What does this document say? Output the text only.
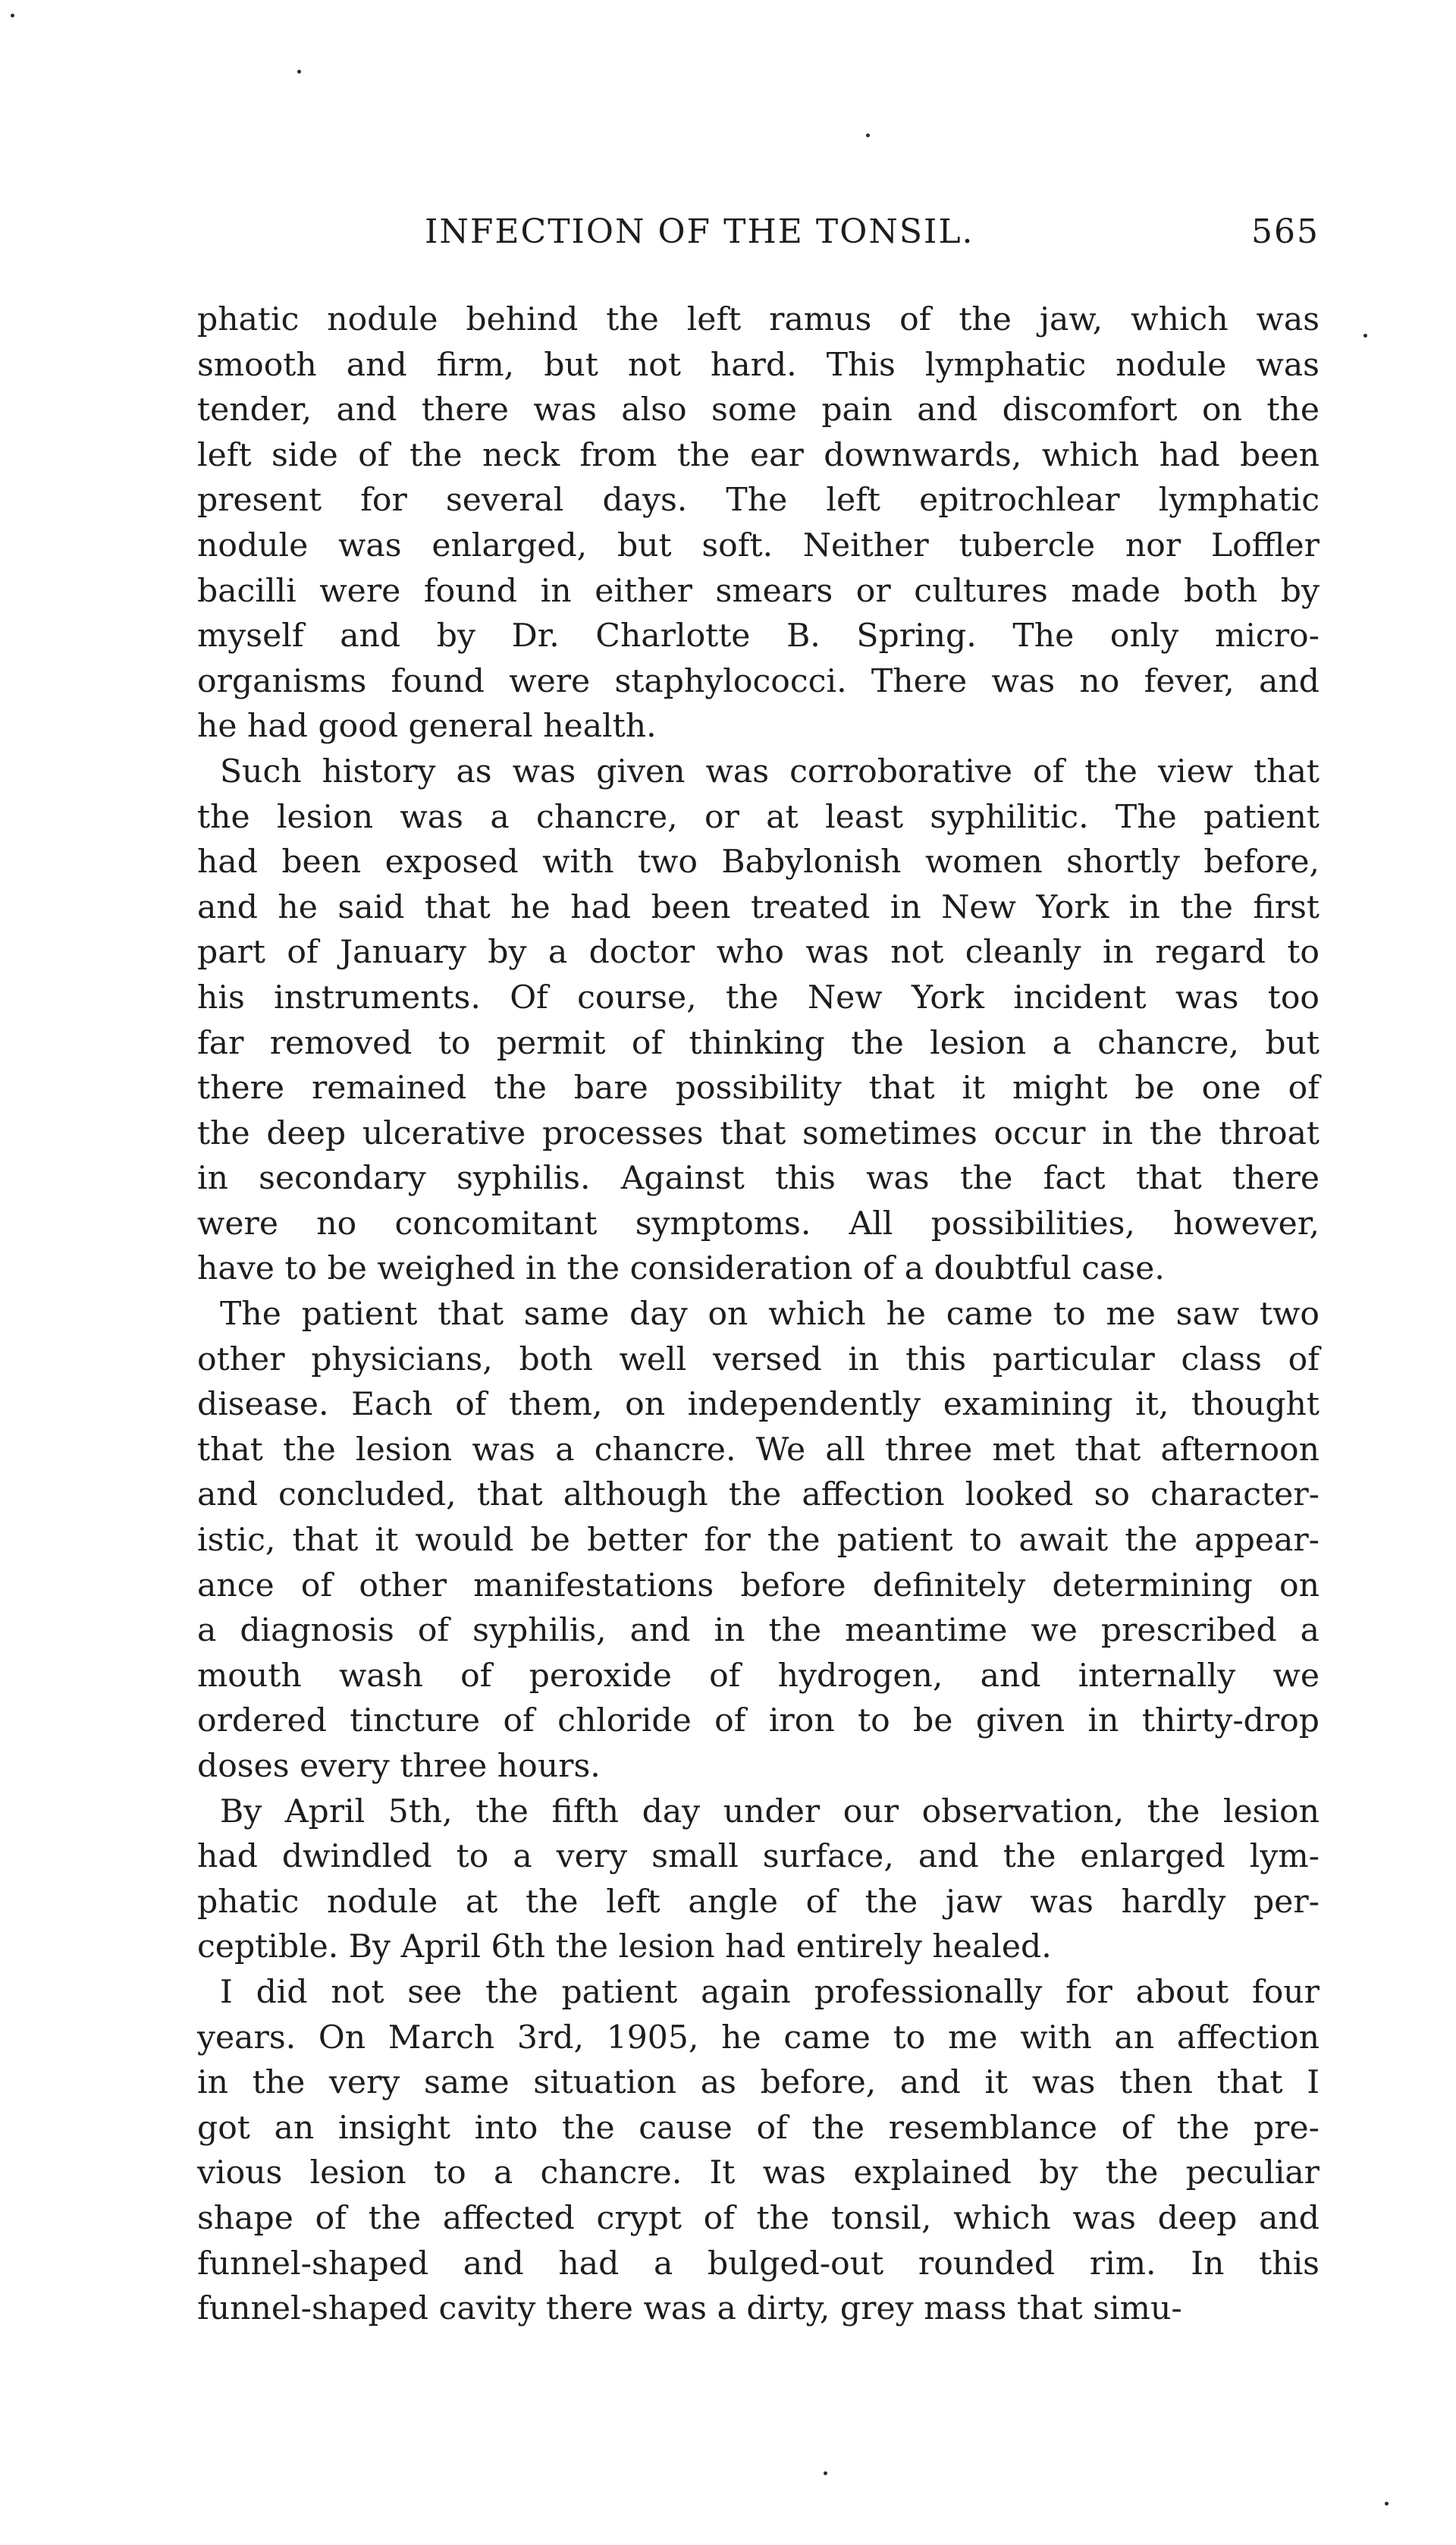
INFECTION OF THE TONSIL.	565

phatic nodule behind the left ramus of the jaw, which was
smooth and firm, but not hard. This lymphatic nodule was
tender, and there was also some pain and discomfort on the
left side of the neck from the ear downwards, which had been
present for several days. The left epitrochlear lymphatic
nodule was enlarged, but soft. Neither tubercle nor Loffler
bacilli were found in either smears or cultures made both by
myself and by Dr. Charlotte B. Spring. The only micro-
organisms found were staphylococci. There was no fever, and
he had good general health.

Such history as was given was corroborative of the view that
the lesion was a chancre, or at least syphilitic. The patient
had been exposed with two Babylonish women shortly before,
and he said that he had been treated in New York in the first
part of January by a doctor who was not cleanly in regard to
his instruments. Of course, the New York incident was too
far removed to permit of thinking the lesion a chancre, but
there remained the bare possibility that it might be one of
the deep ulcerative processes that sometimes occur in the throat
in secondary syphilis. Against this was the fact that there
were no concomitant symptoms. All possibilities, however,
have to be weighed in the consideration of a doubtful case.

The patient that same day on which he came to me saw two
other physicians, both well versed in this particular class of
disease. Each of them, on independently examining it, thought
that the lesion was a chancre. We all three met that afternoon
and concluded, that although the affection looked so character-
istic, that it would be better for the patient to await the appear-
ance of other manifestations before definitely determining on
a diagnosis of syphilis, and in the meantime we prescribed a
mouth wash of peroxide of hydrogen, and internally we
ordered tincture of chloride of iron to be given in thirty-drop
doses every three hours.

By April 5th, the fifth day under our observation, the lesion
had dwindled to a very small surface, and the enlarged lym-
phatic nodule at the left angle of the jaw was hardly per-
ceptible. By April 6th the lesion had entirely healed.

I did not see the patient again professionally for about four
years. On March 3rd, 1905, he came to me with an affection
in the very same situation as before, and it was then that I
got an insight into the cause of the resemblance of the pre-
vious lesion to a chancre. It was explained by the peculiar
shape of the affected crypt of the tonsil, which was deep and
funnel-shaped and had a bulged-out rounded rim. In this
funnel-shaped cavity there was a dirty, grey mass that simu-
